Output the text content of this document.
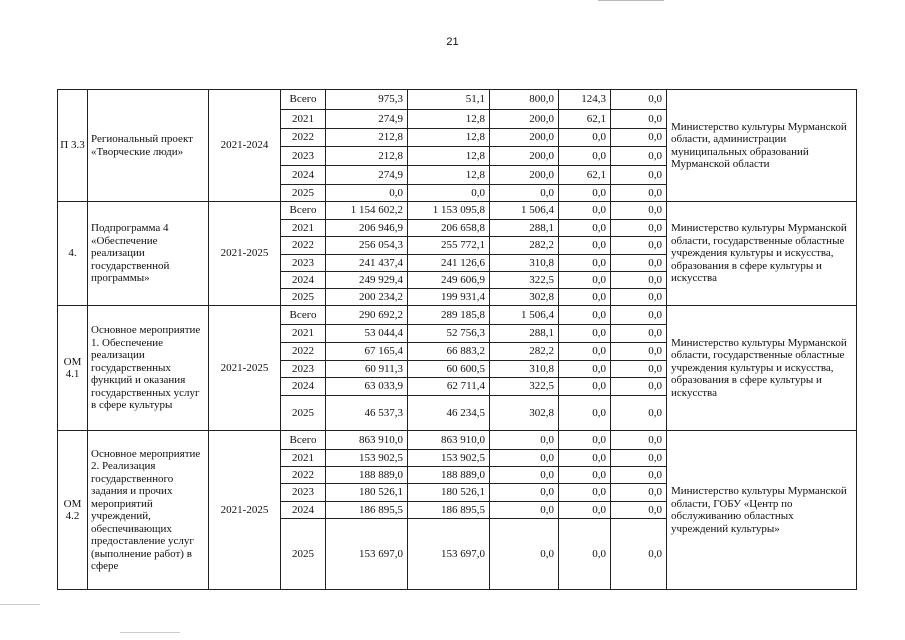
21
П 3.3	Региональный проект «Творческие люди»	2021-2024	Всего	975,3	51,1	800,0	124,3	0,0	Министерство культуры Мурманской области, администрации муниципальных образований Мурманской области
			2021	274,9	12,8	200,0	62,1	0,0	
			2022	212,8	12,8	200,0	0,0	0,0	
			2023	212,8	12,8	200,0	0,0	0,0	
			2024	274,9	12,8	200,0	62,1	0,0	
			2025	0,0	0,0	0,0	0,0	0,0	
4.	Подпрограмма 4 «Обеспечение реализации государственной программы»	2021-2025	Всего	1 154 602,2	1 153 095,8	1 506,4	0,0	0,0	Министерство культуры Мурманской области, государственные областные учреждения культуры и искусства, образования в сфере культуры и искусства
			2021	206 946,9	206 658,8	288,1	0,0	0,0	
			2022	256 054,3	255 772,1	282,2	0,0	0,0	
			2023	241 437,4	241 126,6	310,8	0,0	0,0	
			2024	249 929,4	249 606,9	322,5	0,0	0,0	
			2025	200 234,2	199 931,4	302,8	0,0	0,0	
ОМ 4.1	Основное мероприятие 1. Обеспечение реализации государственных функций и оказания государственных услуг в сфере культуры	2021-2025	Всего	290 692,2	289 185,8	1 506,4	0,0	0,0	Министерство культуры Мурманской области, государственные областные учреждения культуры и искусства, образования в сфере культуры и искусства
			2021	53 044,4	52 756,3	288,1	0,0	0,0	
			2022	67 165,4	66 883,2	282,2	0,0	0,0	
			2023	60 911,3	60 600,5	310,8	0,0	0,0	
			2024	63 033,9	62 711,4	322,5	0,0	0,0	
			2025	46 537,3	46 234,5	302,8	0,0	0,0	
ОМ 4.2	Основное мероприятие 2. Реализация государственного задания и прочих мероприятий учреждений, обеспечивающих предоставление услуг (выполнение работ) в сфере	2021-2025	Всего	863 910,0	863 910,0	0,0	0,0	0,0	Министерство культуры Мурманской области, ГОБУ «Центр по обслуживанию областных учреждений культуры»
			2021	153 902,5	153 902,5	0,0	0,0	0,0	
			2022	188 889,0	188 889,0	0,0	0,0	0,0	
			2023	180 526,1	180 526,1	0,0	0,0	0,0	
			2024	186 895,5	186 895,5	0,0	0,0	0,0	
			2025	153 697,0	153 697,0	0,0	0,0	0,0	
